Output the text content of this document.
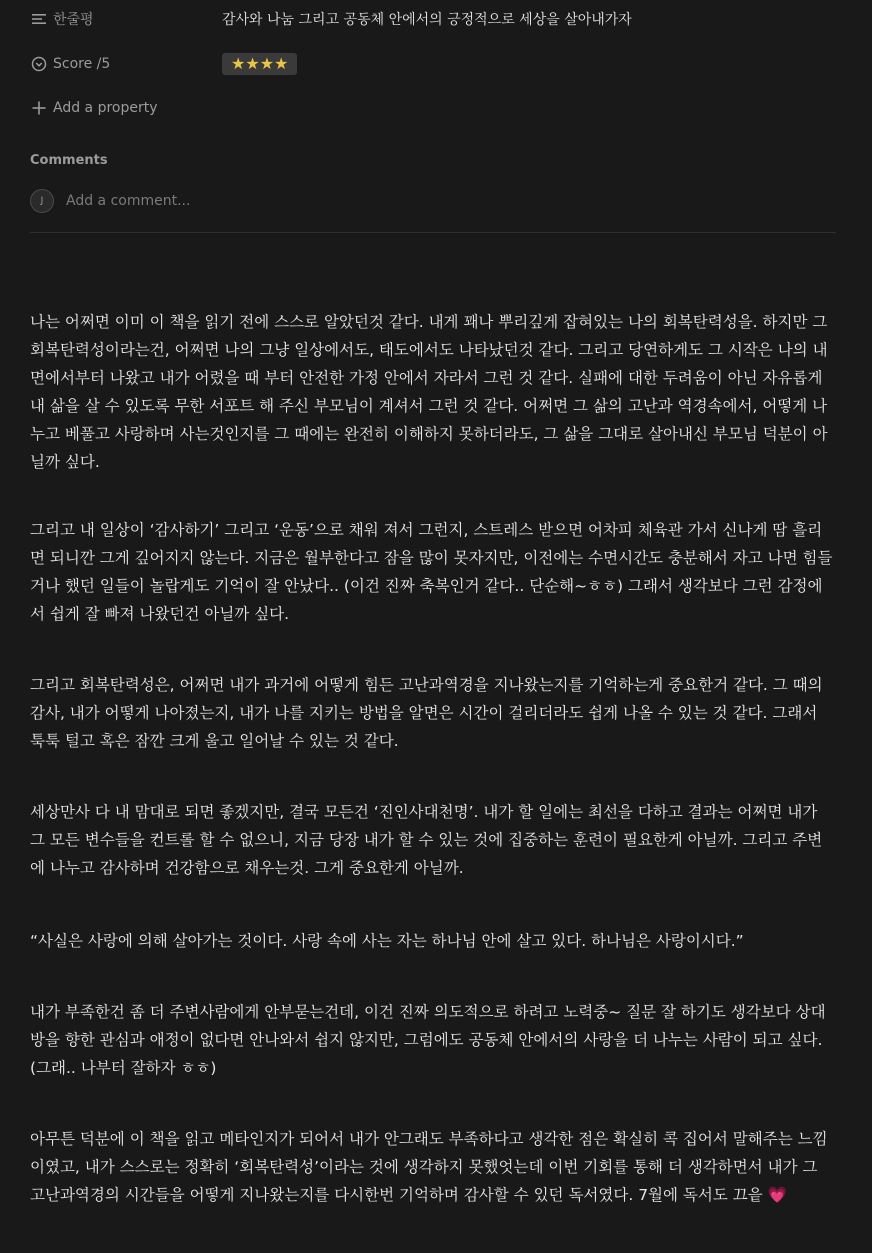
한줄평	감사와 나눔 그리고 공동체 안에서의 긍정적으로 세상을 살아내가자
Score /5	★★★★
Add a property
Comments
J	Add a comment...

나는 어쩌면 이미 이 책을 읽기 전에 스스로 알았던것 같다. 내게 꽤나 뿌리깊게 잡혀있는 나의 회복탄력성을. 하지만 그 회복탄력성이라는건, 어쩌면 나의 그냥 일상에서도, 태도에서도 나타났던것 같다. 그리고 당연하게도 그 시작은 나의 내면에서부터 나왔고 내가 어렸을 때 부터 안전한 가정 안에서 자라서 그런 것 같다. 실패에 대한 두려움이 아닌 자유롭게 내 삶을 살 수 있도록 무한 서포트 해 주신 부모님이 계셔서 그런 것 같다. 어쩌면 그 삶의 고난과 역경속에서, 어떻게 나누고 베풀고 사랑하며 사는것인지를 그 때에는 완전히 이해하지 못하더라도, 그 삶을 그대로 살아내신 부모님 덕분이 아닐까 싶다.

그리고 내 일상이 ‘감사하기’ 그리고 ‘운동’으로 채워 져서 그런지, 스트레스 받으면 어차피 체육관 가서 신나게 땀 흘리면 되니깐 그게 깊어지지 않는다. 지금은 월부한다고 잠을 많이 못자지만, 이전에는 수면시간도 충분해서 자고 나면 힘들거나 했던 일들이 놀랍게도 기억이 잘 안났다.. (이건 진짜 축복인거 같다.. 단순해~ㅎㅎ) 그래서 생각보다 그런 감정에서 쉽게 잘 빠져 나왔던건 아닐까 싶다.

그리고 회복탄력성은, 어쩌면 내가 과거에 어떻게 힘든 고난과역경을 지나왔는지를 기억하는게 중요한거 같다. 그 때의 감사, 내가 어떻게 나아졌는지, 내가 나를 지키는 방법을 알면은 시간이 걸리더라도 쉽게 나올 수 있는 것 같다. 그래서 툭툭 털고 혹은 잠깐 크게 울고 일어날 수 있는 것 같다.

세상만사 다 내 맘대로 되면 좋겠지만, 결국 모든건 ‘진인사대천명’. 내가 할 일에는 최선을 다하고 결과는 어쩌면 내가 그 모든 변수들을 컨트롤 할 수 없으니, 지금 당장 내가 할 수 있는 것에 집중하는 훈련이 필요한게 아닐까. 그리고 주변에 나누고 감사하며 건강함으로 채우는것. 그게 중요한게 아닐까.

“사실은 사랑에 의해 살아가는 것이다. 사랑 속에 사는 자는 하나님 안에 살고 있다. 하나님은 사랑이시다.”

내가 부족한건 좀 더 주변사람에게 안부묻는건데, 이건 진짜 의도적으로 하려고 노력중~ 질문 잘 하기도 생각보다 상대방을 향한 관심과 애정이 없다면 안나와서 쉽지 않지만, 그럼에도 공동체 안에서의 사랑을 더 나누는 사람이 되고 싶다. (그래.. 나부터 잘하자 ㅎㅎ)

아무튼 덕분에 이 책을 읽고 메타인지가 되어서 내가 안그래도 부족하다고 생각한 점은 확실히 콕 집어서 말해주는 느낌이였고, 내가 스스로는 정확히 ‘회복탄력성’이라는 것에 생각하지 못했엇는데 이번 기회를 통해 더 생각하면서 내가 그 고난과역경의 시간들을 어떻게 지나왔는지를 다시한번 기억하며 감사할 수 있던 독서였다. 7월에 독서도 끄읕 💗
